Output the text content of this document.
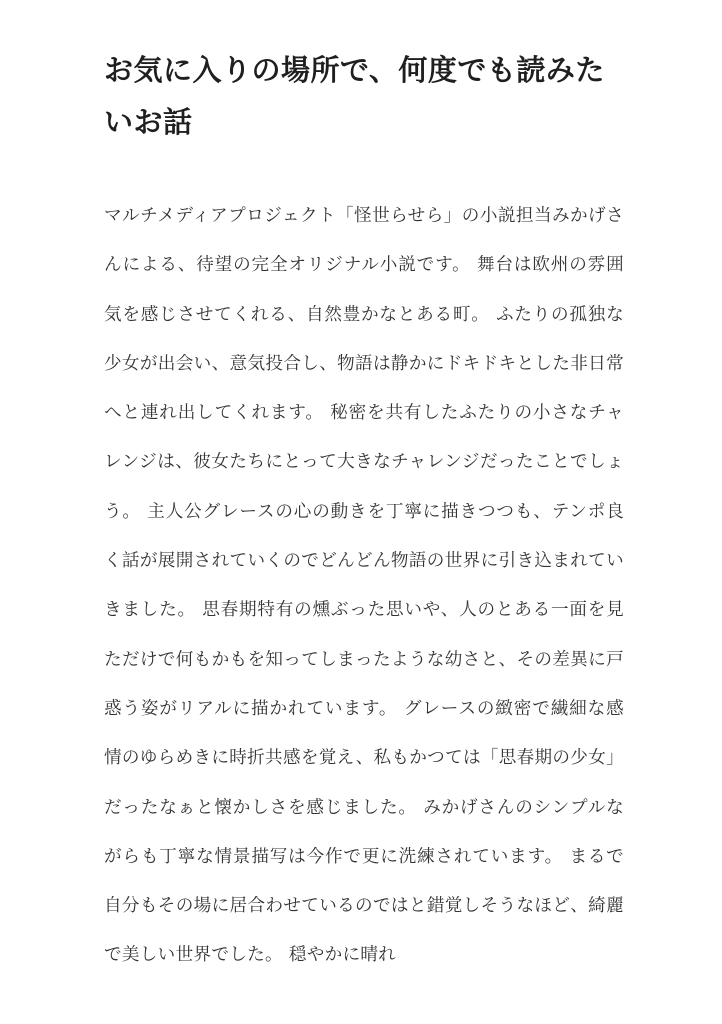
お気に入りの場所で、何度でも読みたいお話

マルチメディアプロジェクト「怪世らせら」の小説担当みかげさんによる、待望の完全オリジナル小説です。 舞台は欧州の雰囲気を感じさせてくれる、自然豊かなとある町。 ふたりの孤独な少女が出会い、意気投合し、物語は静かにドキドキとした非日常へと連れ出してくれます。 秘密を共有したふたりの小さなチャレンジは、彼女たちにとって大きなチャレンジだったことでしょう。 主人公グレースの心の動きを丁寧に描きつつも、テンポ良く話が展開されていくのでどんどん物語の世界に引き込まれていきました。 思春期特有の燻ぶった思いや、人のとある一面を見ただけで何もかもを知ってしまったような幼さと、その差異に戸惑う姿がリアルに描かれています。 グレースの緻密で繊細な感情のゆらめきに時折共感を覚え、私もかつては「思春期の少女」だったなぁと懐かしさを感じました。 みかげさんのシンプルながらも丁寧な情景描写は今作で更に洗練されています。 まるで自分もその場に居合わせているのではと錯覚しそうなほど、綺麗で美しい世界でした。 穏やかに晴れ
